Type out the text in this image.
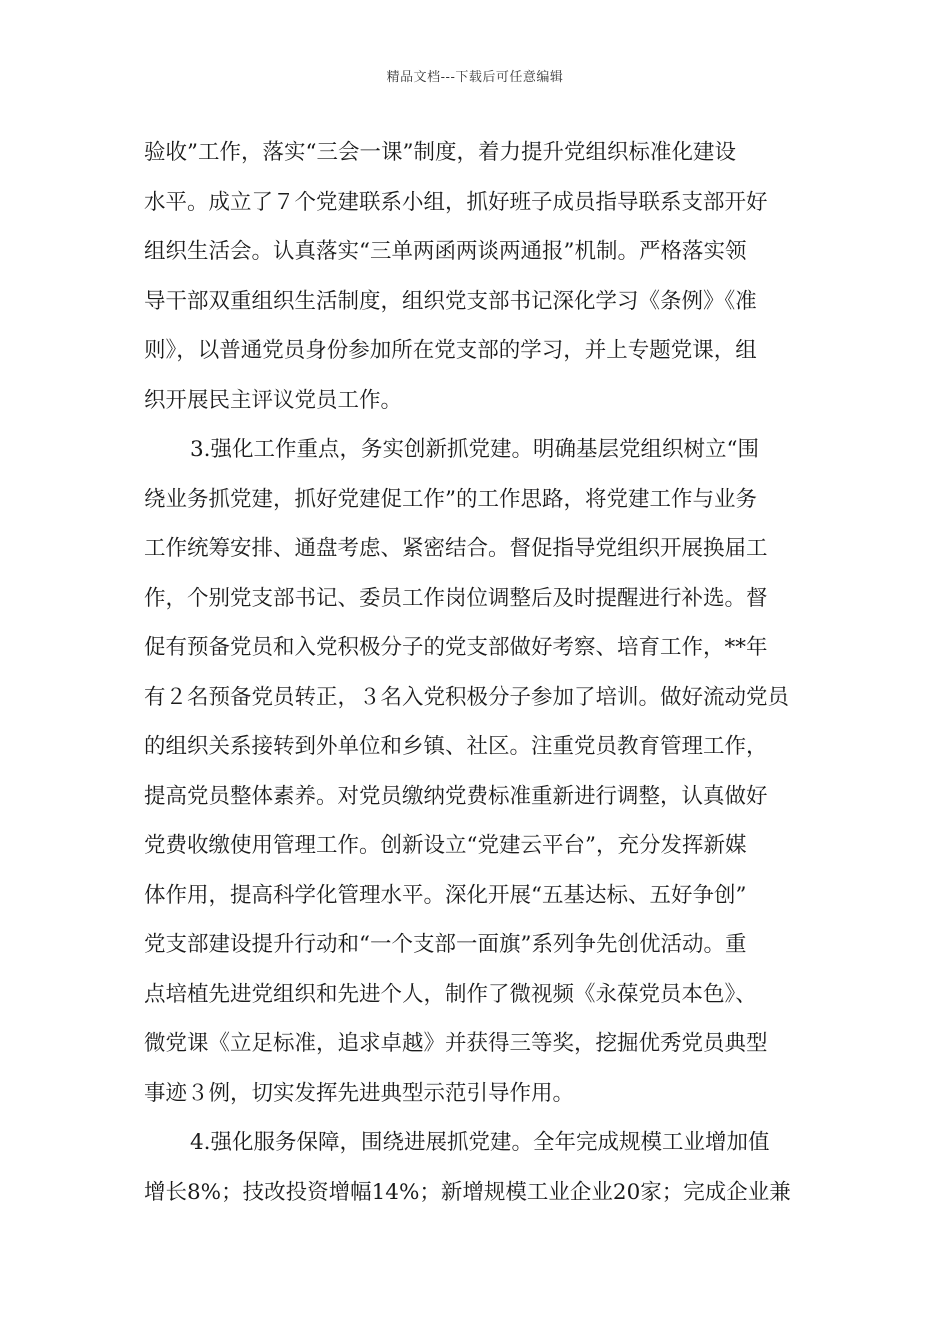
精品文档---下载后可任意编辑
验收”工作，落实“三会一课”制度，着力提升党组织标准化建设
水平。成立了７个党建联系小组，抓好班子成员指导联系支部开好
组织生活会。认真落实“三单两函两谈两通报”机制。严格落实领
导干部双重组织生活制度，组织党支部书记深化学习《条例》《准
则》，以普通党员身份参加所在党支部的学习，并上专题党课，组
织开展民主评议党员工作。
3.强化工作重点，务实创新抓党建。明确基层党组织树立“围
绕业务抓党建，抓好党建促工作”的工作思路，将党建工作与业务
工作统筹安排、通盘考虑、紧密结合。督促指导党组织开展换届工
作，个别党支部书记、委员工作岗位调整后及时提醒进行补选。督
促有预备党员和入党积极分子的党支部做好考察、培育工作，**年
有２名预备党员转正，３名入党积极分子参加了培训。做好流动党员
的组织关系接转到外单位和乡镇、社区。注重党员教育管理工作，
提高党员整体素养。对党员缴纳党费标准重新进行调整，认真做好
党费收缴使用管理工作。创新设立“党建云平台”，充分发挥新媒
体作用，提高科学化管理水平。深化开展“五基达标、五好争创”
党支部建设提升行动和“一个支部一面旗”系列争先创优活动。重
点培植先进党组织和先进个人，制作了微视频《永葆党员本色》、
微党课《立足标准，追求卓越》并获得三等奖，挖掘优秀党员典型
事迹３例，切实发挥先进典型示范引导作用。
4.强化服务保障，围绕进展抓党建。全年完成规模工业增加值
增长8%；技改投资增幅14%；新增规模工业企业20家；完成企业兼
